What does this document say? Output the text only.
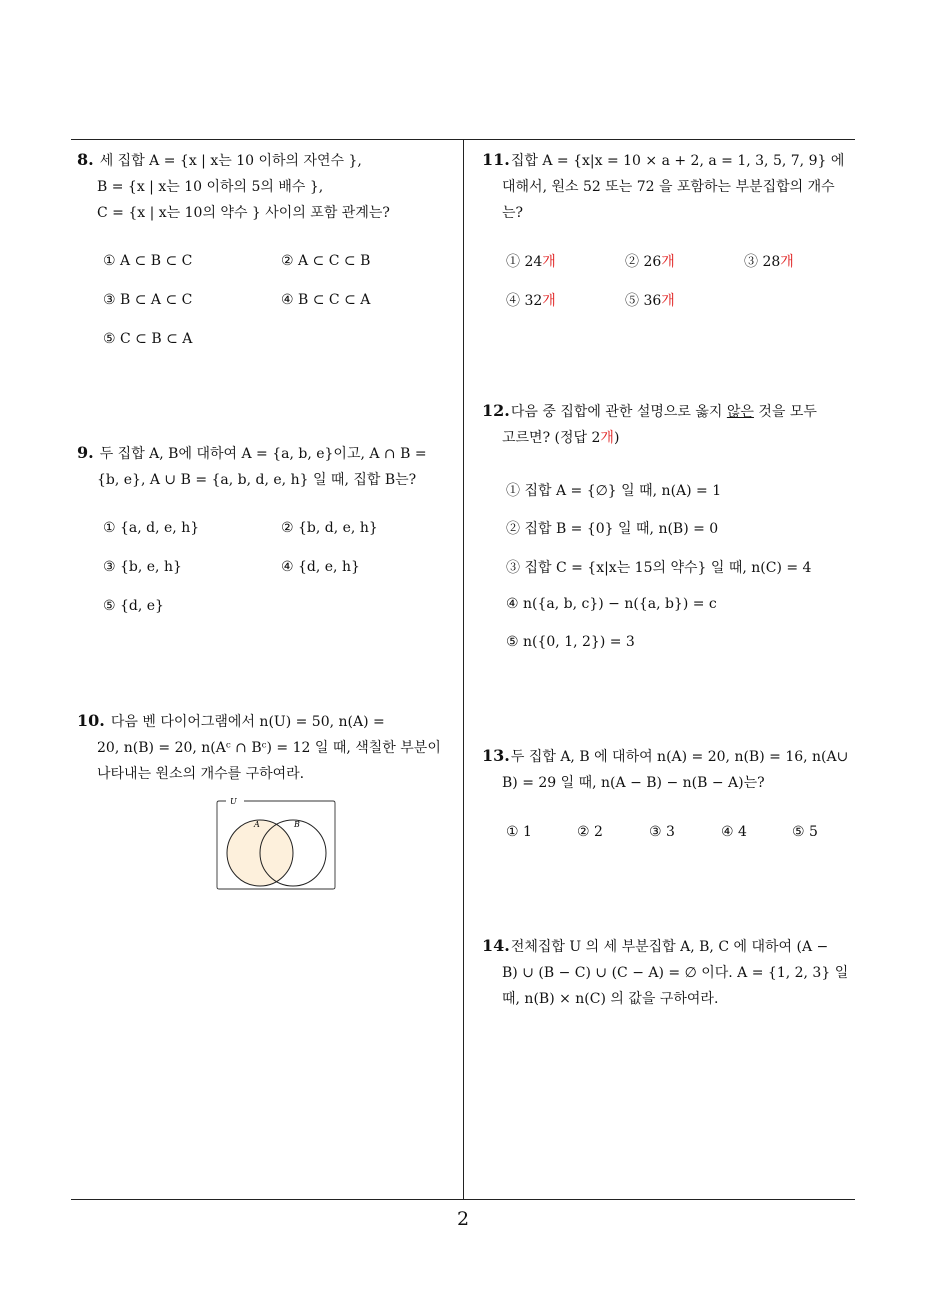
8. 세 집합 A = {x | x는 10 이하의 자연수 },
B = {x | x는 10 이하의 5의 배수 },
C = {x | x는 10의 약수 } 사이의 포함 관계는?
① A ⊂ B ⊂ C	② A ⊂ C ⊂ B
③ B ⊂ A ⊂ C	④ B ⊂ C ⊂ A
⑤ C ⊂ B ⊂ A
9. 두 집합 A, B에 대하여 A = {a, b, e}이고, A ∩ B =
{b, e}, A ∪ B = {a, b, d, e, h} 일 때, 집합 B는?
① {a, d, e, h}	② {b, d, e, h}
③ {b, e, h}	④ {d, e, h}
⑤ {d, e}
10. 다음 벤 다이어그램에서 n(U) = 50, n(A) =
20, n(B) = 20, n(Aᶜ ∩ Bᶜ) = 12 일 때, 색칠한 부분이
나타내는 원소의 개수를 구하여라.
U
A	B
11.집합 A = {x|x = 10 × a + 2, a = 1, 3, 5, 7, 9} 에
대해서, 원소 52 또는 72 을 포함하는 부분집합의 개수
는?
① 24개	② 26개	③ 28개
④ 32개	⑤ 36개
12.다음 중 집합에 관한 설명으로 옳지 않은 것을 모두
고르면? (정답 2개)
① 집합 A = {∅} 일 때, n(A) = 1
② 집합 B = {0} 일 때, n(B) = 0
③ 집합 C = {x|x는 15의 약수} 일 때, n(C) = 4
④ n({a, b, c}) − n({a, b}) = c
⑤ n({0, 1, 2}) = 3
13.두 집합 A, B 에 대하여 n(A) = 20, n(B) = 16, n(A∪
B) = 29 일 때, n(A − B) − n(B − A)는?
① 1	② 2	③ 3	④ 4	⑤ 5
14.전체집합 U 의 세 부분집합 A, B, C 에 대하여 (A −
B) ∪ (B − C) ∪ (C − A) = ∅ 이다. A = {1, 2, 3} 일
때, n(B) × n(C) 의 값을 구하여라.
2
